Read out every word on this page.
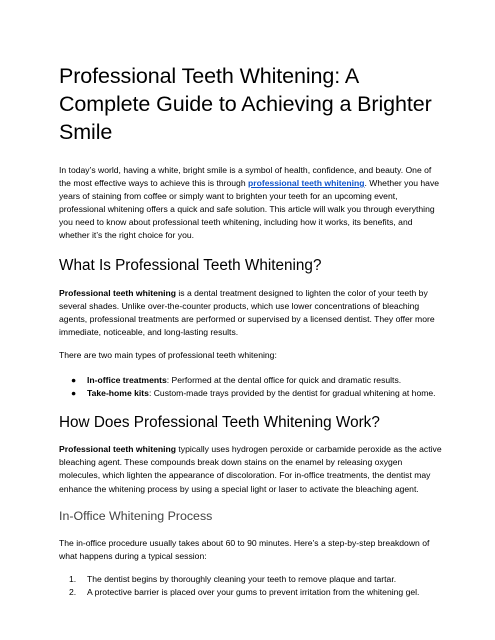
Professional Teeth Whitening: A
Complete Guide to Achieving a Brighter
Smile

In today’s world, having a white, bright smile is a symbol of health, confidence, and beauty. One of the most effective ways to achieve this is through professional teeth whitening. Whether you have years of staining from coffee or simply want to brighten your teeth for an upcoming event, professional whitening offers a quick and safe solution. This article will walk you through everything you need to know about professional teeth whitening, including how it works, its benefits, and whether it’s the right choice for you.

What Is Professional Teeth Whitening?

Professional teeth whitening is a dental treatment designed to lighten the color of your teeth by several shades. Unlike over-the-counter products, which use lower concentrations of bleaching agents, professional treatments are performed or supervised by a licensed dentist. They offer more immediate, noticeable, and long-lasting results.

There are two main types of professional teeth whitening:

● In-office treatments: Performed at the dental office for quick and dramatic results.
● Take-home kits: Custom-made trays provided by the dentist for gradual whitening at home.
How Does Professional Teeth Whitening Work?

Professional teeth whitening typically uses hydrogen peroxide or carbamide peroxide as the active bleaching agent. These compounds break down stains on the enamel by releasing oxygen molecules, which lighten the appearance of discoloration. For in-office treatments, the dentist may enhance the whitening process by using a special light or laser to activate the bleaching agent.

In-Office Whitening Process

The in-office procedure usually takes about 60 to 90 minutes. Here’s a step-by-step breakdown of what happens during a typical session:

1. The dentist begins by thoroughly cleaning your teeth to remove plaque and tartar.
2. A protective barrier is placed over your gums to prevent irritation from the whitening gel.
